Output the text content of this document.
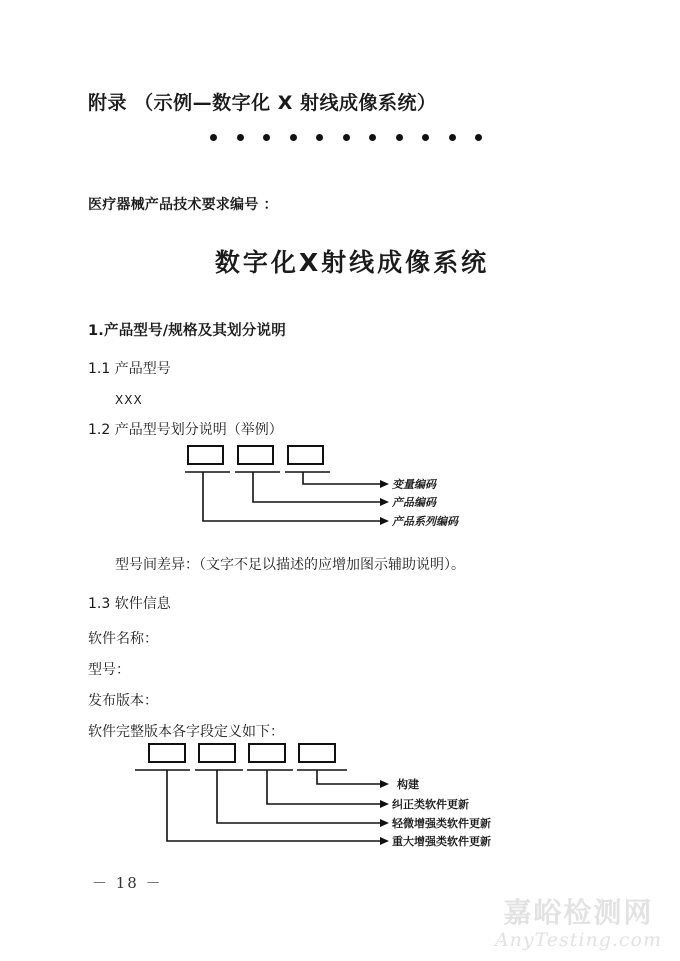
附录 （示例—数字化 X 射线成像系统）
医疗器械产品技术要求编号 ：
数字化X射线成像系统
1.产品型号/规格及其划分说明
1.1 产品型号
XXX
1.2 产品型号划分说明（举例）
变量编码
产品编码
产品系列编码
型号间差异：（文字不足以描述的应增加图示辅助说明）。
1.3 软件信息
软件名称：
型号：
发布版本：
软件完整版本各字段定义如下：
构建
纠正类软件更新
轻微增强类软件更新
重大增强类软件更新
－ 18 －
嘉峪检测网
AnyTesting.com
